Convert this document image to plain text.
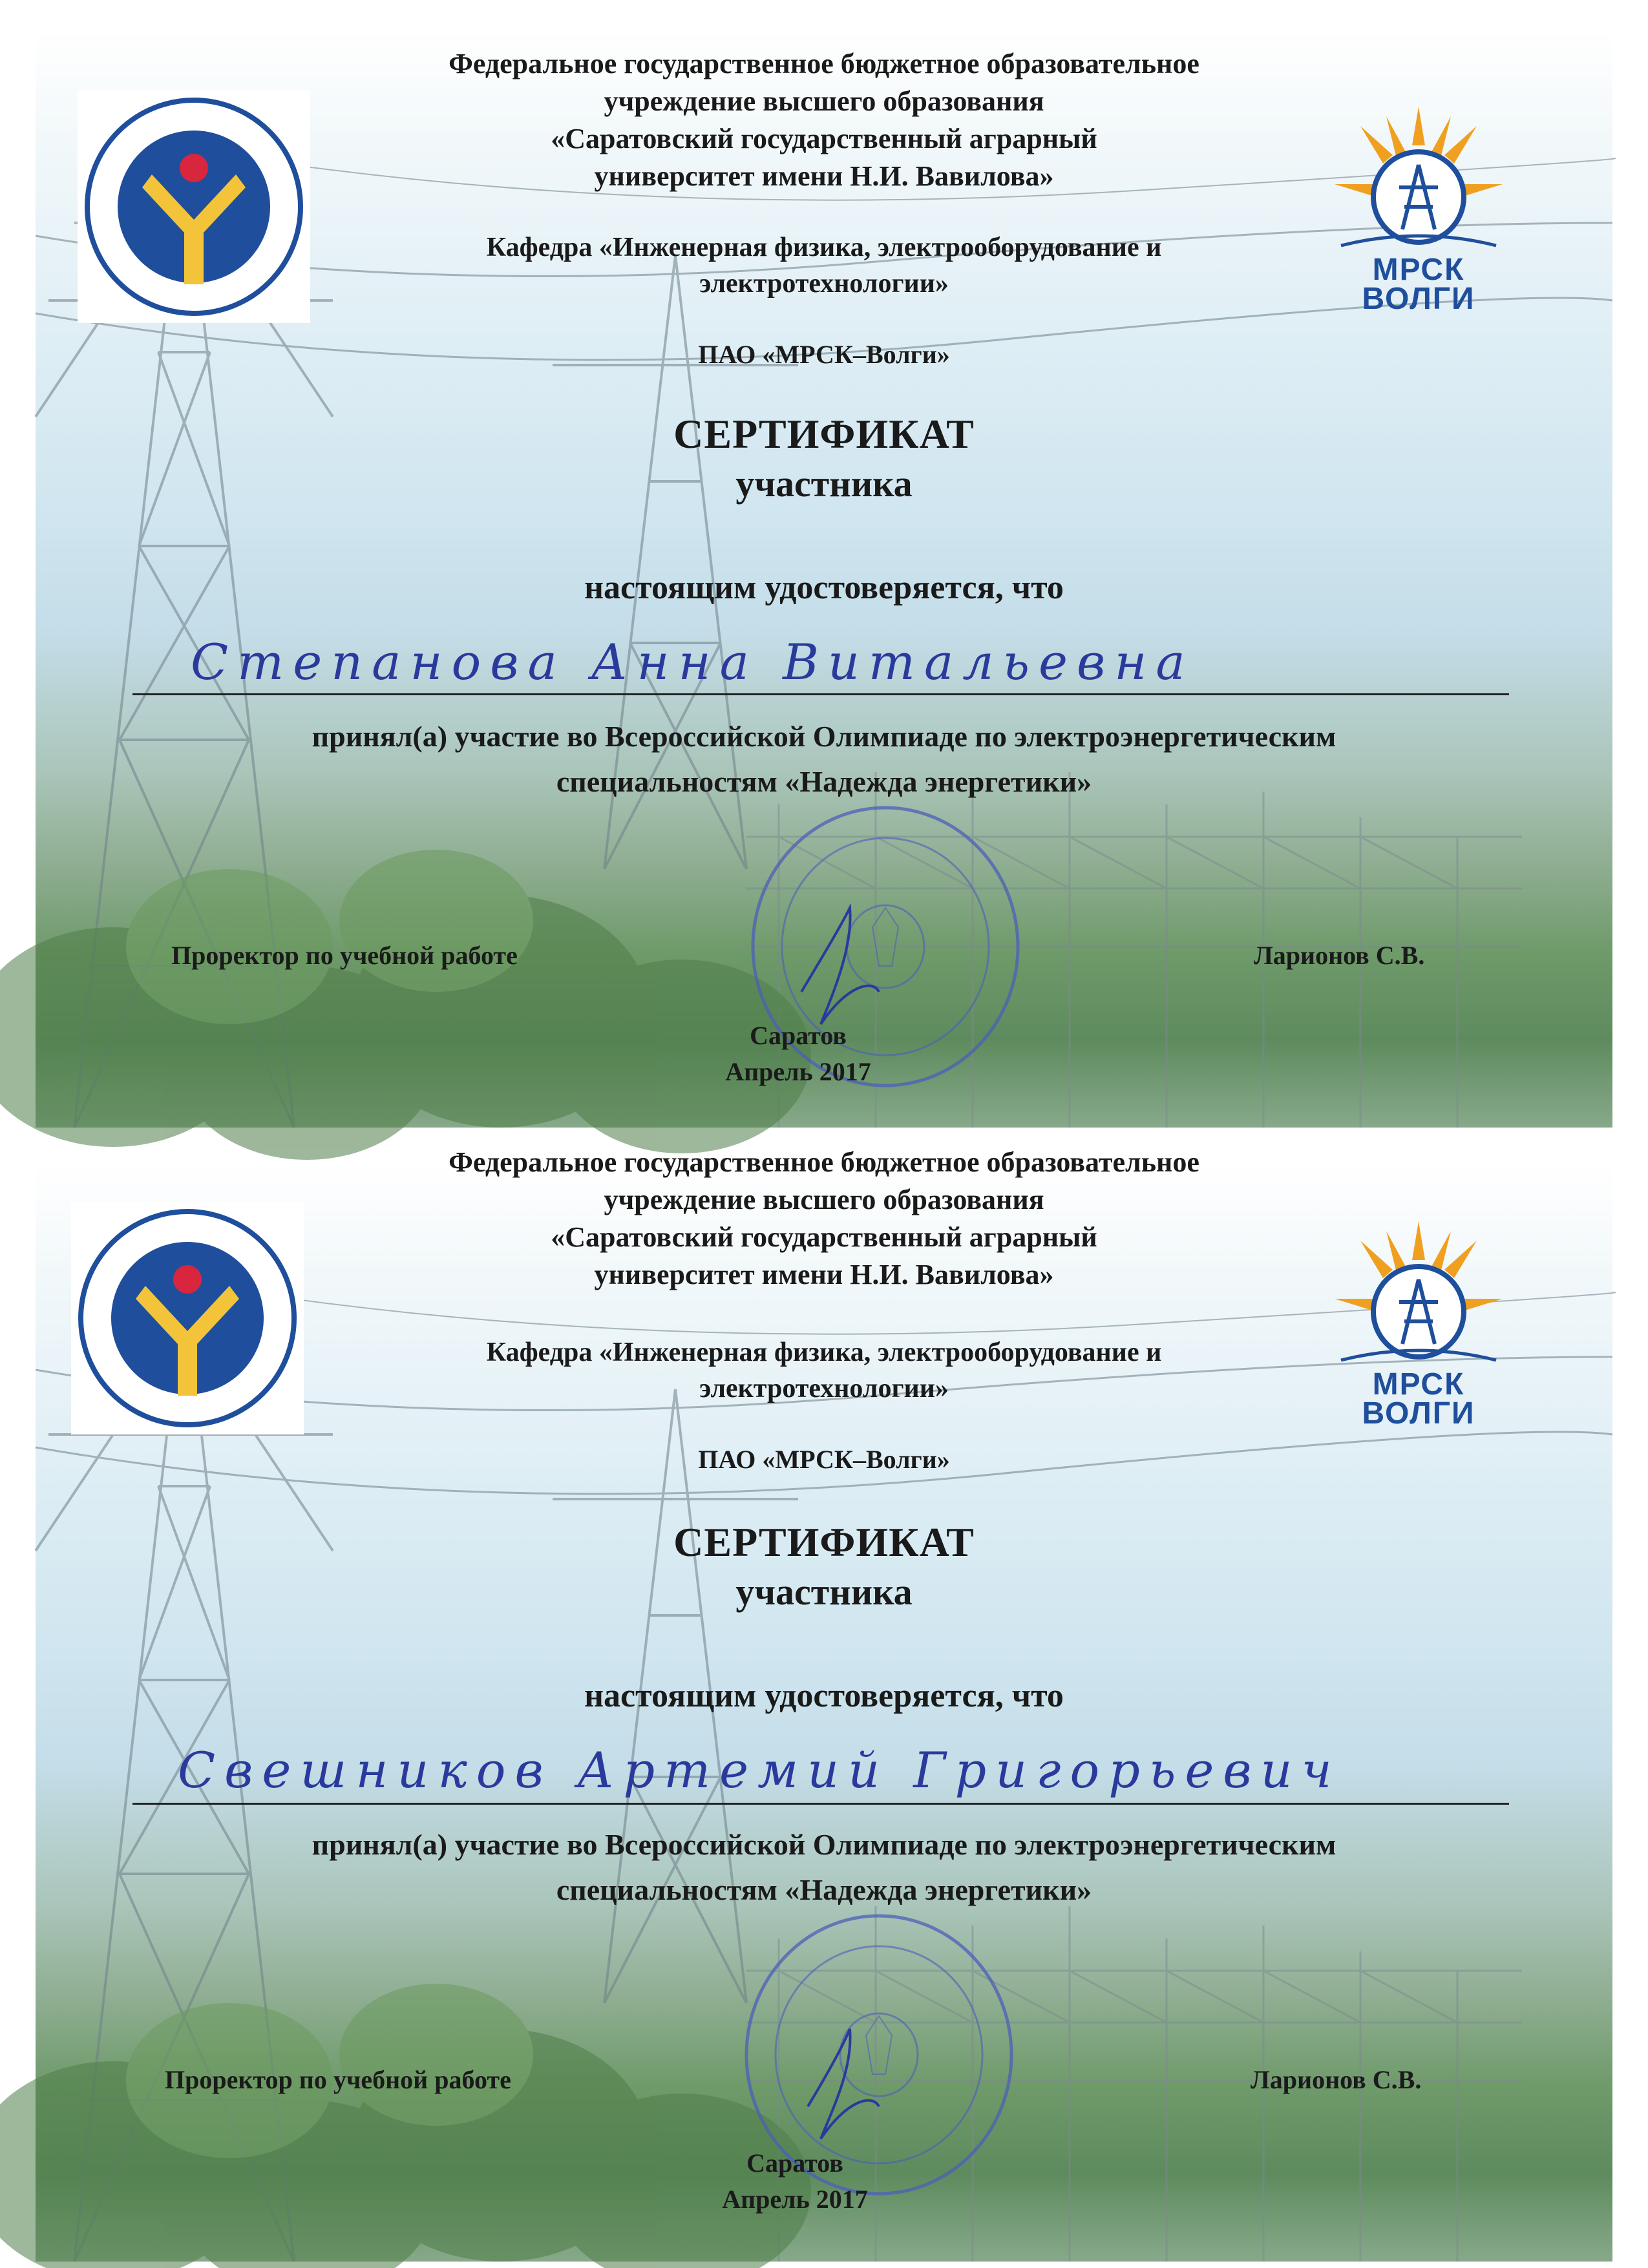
МРСК
ВОЛГИ
Федеральное государственное бюджетное образовательное
учреждение высшего образования
«Саратовский государственный аграрный
университет имени Н.И. Вавилова»
Кафедра «Инженерная физика, электрооборудование и
электротехнологии»
ПАО «МРСК–Волги»
СЕРТИФИКАТ
участника
настоящим удостоверяется, что
Степанова Анна Витальевна
принял(а) участие во Всероссийской Олимпиаде по электроэнергетическим
специальностям «Надежда энергетики»
Проректор по учебной работе	Ларионов С.В.
Саратов
Апрель 2017
МРСК
ВОЛГИ
Федеральное государственное бюджетное образовательное
учреждение высшего образования
«Саратовский государственный аграрный
университет имени Н.И. Вавилова»
Кафедра «Инженерная физика, электрооборудование и
электротехнологии»
ПАО «МРСК–Волги»
СЕРТИФИКАТ
участника
настоящим удостоверяется, что
Свешников Артемий Григорьевич
принял(а) участие во Всероссийской Олимпиаде по электроэнергетическим
специальностям «Надежда энергетики»
Проректор по учебной работе	Ларионов С.В.
Саратов
Апрель 2017
